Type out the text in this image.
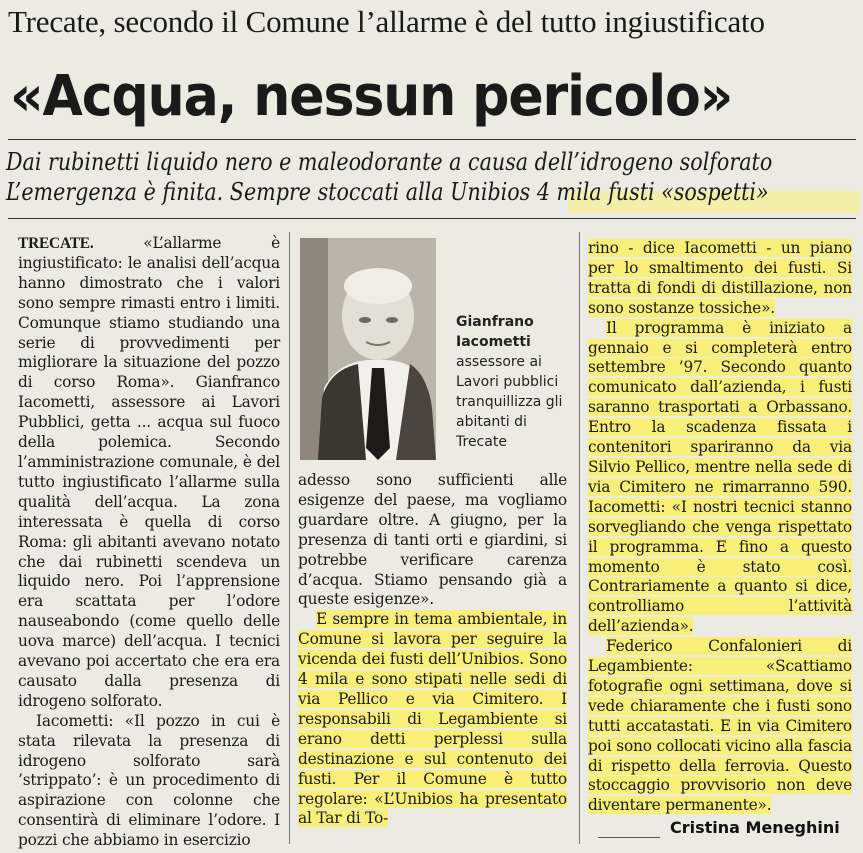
Trecate, secondo il Comune l’allarme è del tutto ingiustificato
«Acqua, nessun pericolo»
Dai rubinetti liquido nero e maleodorante a causa dell’idrogeno solforato
L’emergenza è finita. Sempre stoccati alla Unibios 4 mila fusti «sospetti»

TRECATE.	«L’allarme è ingiustificato: le analisi dell’acqua hanno dimostrato che i valori sono sempre rimasti entro i limiti. Comunque stiamo studiando una serie di provvedimenti per migliorare la situazione del pozzo di corso Roma». Gianfranco Iacometti, assessore ai Lavori Pubblici, getta ... acqua sul fuoco della polemica. Secondo l’amministrazione comunale, è del tutto ingiustificato l’allarme sulla qualità dell’acqua. La zona interessata è quella di corso Roma: gli abitanti avevano notato che dai rubinetti scendeva un liquido nero. Poi l’apprensione era scattata per l’odore nauseabondo (come quello delle uova marce) dell’acqua. I tecnici avevano poi accertato che era era causato dalla presenza di idrogeno solforato.

Iacometti: «Il pozzo in cui è stata rilevata la presenza di idrogeno solforato sarà ’strippato’: è un procedimento di aspirazione con colonne che consentirà di eliminare l’odore. I pozzi che abbiamo in esercizio

Gianfrano Iacometti
assessore ai Lavori pubblici tranquillizza gli abitanti di Trecate

adesso sono sufficienti alle esigenze del paese, ma vogliamo guardare oltre. A giugno, per la presenza di tanti orti e giardini, si potrebbe verificare carenza d’acqua. Stiamo pensando già a queste esigenze».

E sempre in tema ambientale, in Comune si lavora per seguire la vicenda dei fusti dell’Unibios. Sono 4 mila e sono stipati nelle sedi di via Pellico e via Cimitero. I responsabili di Legambiente si erano detti perplessi sulla destinazione e sul contenuto dei fusti. Per il Comune è tutto regolare: «L’Unibios ha presentato al Tar di To-

rino - dice Iacometti - un piano per lo smaltimento dei fusti. Si tratta di fondi di distillazione, non sono sostanze tossiche».

Il programma è iniziato a gennaio e si completerà entro settembre ’97. Secondo quanto comunicato dall’azienda, i fusti saranno trasportati a Orbassano. Entro la scadenza fissata i contenitori spariranno da via Silvio Pellico, mentre nella sede di via Cimitero ne rimarranno 590. Iacometti: «I nostri tecnici stanno sorvegliando che venga rispettato il programma. E fino a questo momento è stato così. Contrariamente a quanto si dice, controlliamo l’attività dell’azienda».

Federico Confalonieri di Legambiente: «Scattiamo fotografie ogni settimana, dove si vede chiaramente che i fusti sono tutti accatastati. E in via Cimitero poi sono collocati vicino alla fascia di rispetto della ferrovia. Questo stoccaggio provvisorio non deve diventare permanente».

Cristina Meneghini
